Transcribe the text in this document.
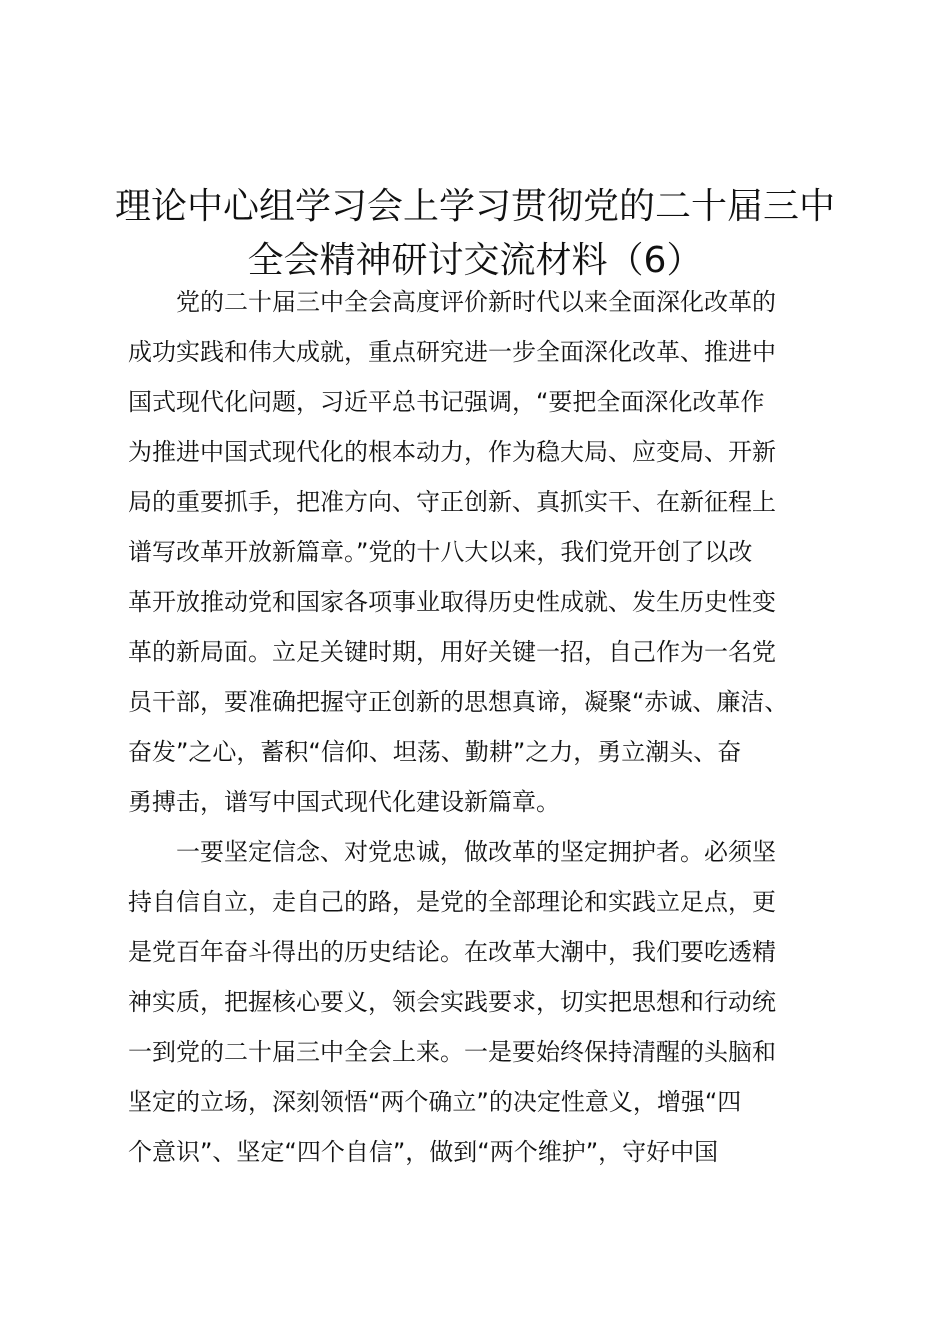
理论中心组学习会上学习贯彻党的二十届三中
全会精神研讨交流材料（6）

党的二十届三中全会高度评价新时代以来全面深化改革的
成功实践和伟大成就，重点研究进一步全面深化改革、推进中
国式现代化问题，习近平总书记强调，“要把全面深化改革作
为推进中国式现代化的根本动力，作为稳大局、应变局、开新
局的重要抓手，把准方向、守正创新、真抓实干、在新征程上
谱写改革开放新篇章。”党的十八大以来，我们党开创了以改
革开放推动党和国家各项事业取得历史性成就、发生历史性变
革的新局面。立足关键时期，用好关键一招，自己作为一名党
员干部，要准确把握守正创新的思想真谛，凝聚“赤诚、廉洁、
奋发”之心，蓄积“信仰、坦荡、勤耕”之力，勇立潮头、奋
勇搏击，谱写中国式现代化建设新篇章。

一要坚定信念、对党忠诚，做改革的坚定拥护者。必须坚
持自信自立，走自己的路，是党的全部理论和实践立足点，更
是党百年奋斗得出的历史结论。在改革大潮中，我们要吃透精
神实质，把握核心要义，领会实践要求，切实把思想和行动统
一到党的二十届三中全会上来。一是要始终保持清醒的头脑和
坚定的立场，深刻领悟“两个确立”的决定性意义，增强“四
个意识”、坚定“四个自信”，做到“两个维护”，守好中国
